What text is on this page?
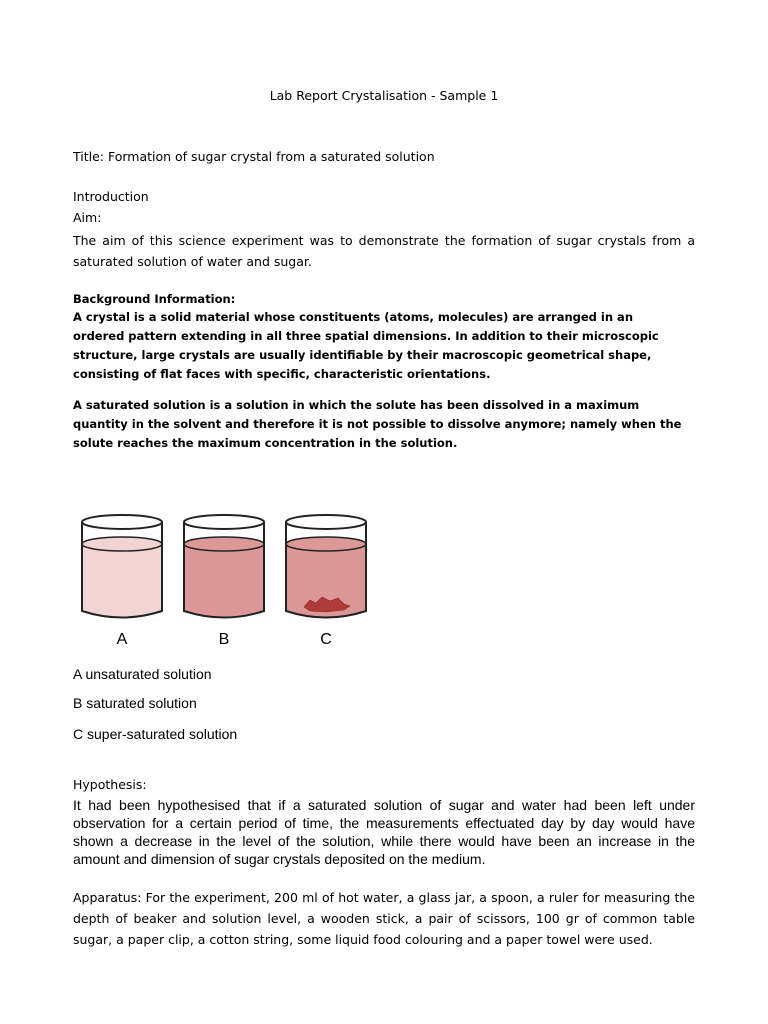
Lab Report Crystalisation - Sample 1
Title: Formation of sugar crystal from a saturated solution
Introduction
Aim:
The aim of this science experiment was to demonstrate the formation of sugar crystals from a saturated solution of water and sugar.
Background Information:
A crystal is a solid material whose constituents (atoms, molecules) are arranged in an ordered pattern extending in all three spatial dimensions. In addition to their microscopic structure, large crystals are usually identifiable by their macroscopic geometrical shape, consisting of flat faces with specific, characteristic orientations.
A saturated solution is a solution in which the solute has been dissolved in a maximum quantity in the solvent and therefore it is not possible to dissolve anymore; namely when the solute reaches the maximum concentration in the solution.
A	B	C
A unsaturated solution
B saturated solution
C super-saturated solution
Hypothesis:
It had been hypothesised that if a saturated solution of sugar and water had been left under observation for a certain period of time, the measurements effectuated day by day would have shown a decrease in the level of the solution, while there would have been an increase in the amount and dimension of sugar crystals deposited on the medium.
Apparatus: For the experiment, 200 ml of hot water, a glass jar, a spoon, a ruler for measuring the depth of beaker and solution level, a wooden stick, a pair of scissors, 100 gr of common table sugar, a paper clip, a cotton string, some liquid food colouring and a paper towel were used.
